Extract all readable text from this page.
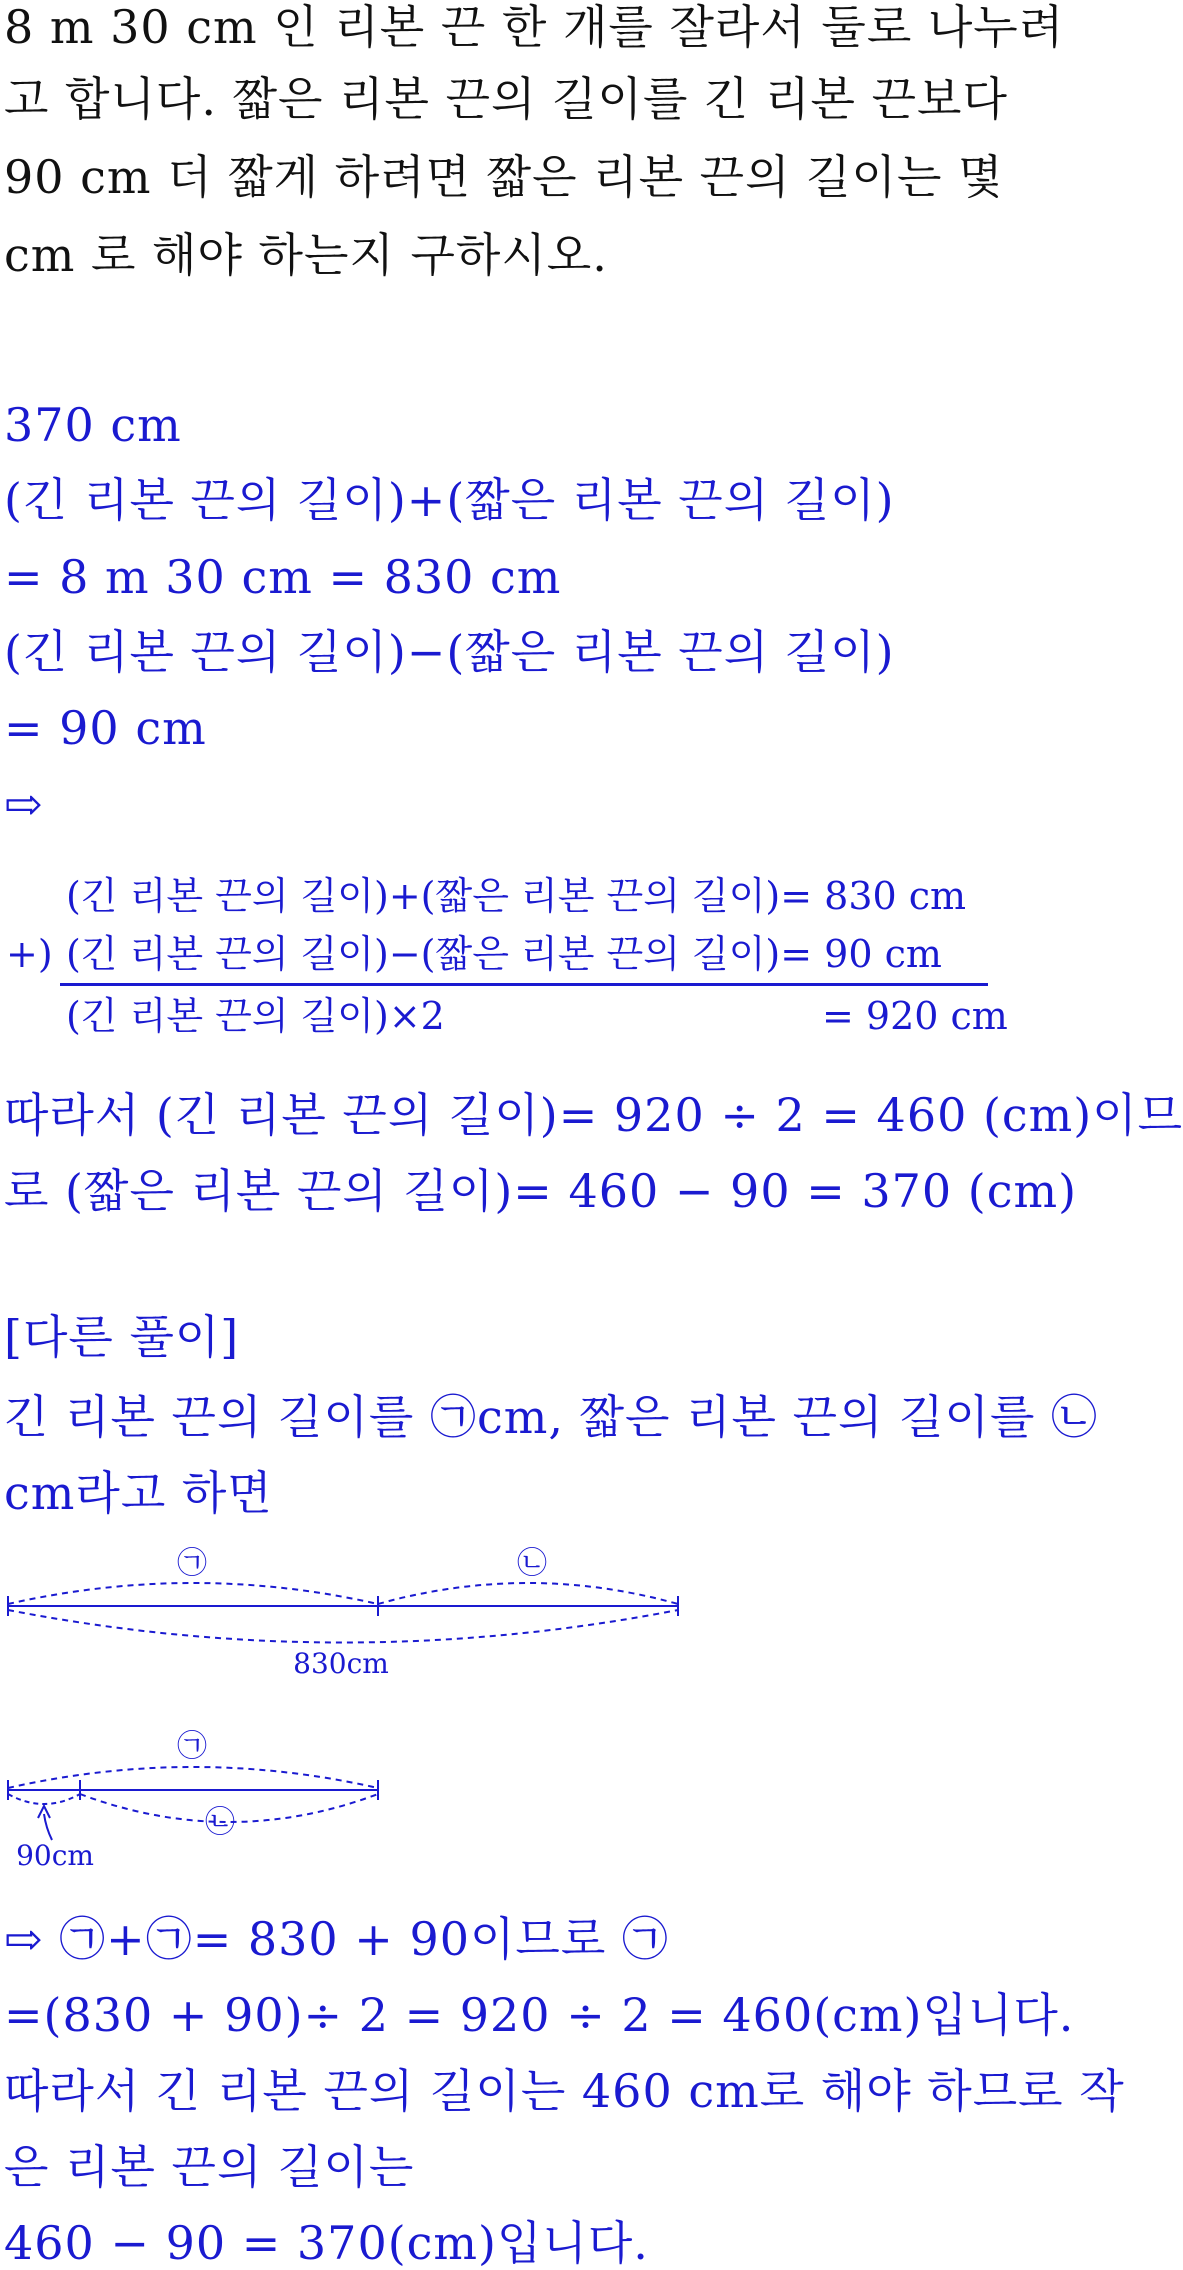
8 m 30 cm 인 리본 끈 한 개를 잘라서 둘로 나누려
고 합니다. 짧은 리본 끈의 길이를 긴 리본 끈보다
90 cm 더 짧게 하려면 짧은 리본 끈의 길이는 몇
cm 로 해야 하는지 구하시오.
370 cm
(긴 리본 끈의 길이)+(짧은 리본 끈의 길이)
= 8 m 30 cm = 830 cm
(긴 리본 끈의 길이)−(짧은 리본 끈의 길이)
= 90 cm
⇨
(긴 리본 끈의 길이)+(짧은 리본 끈의 길이)= 830 cm
+) (긴 리본 끈의 길이)−(짧은 리본 끈의 길이)= 90 cm
(긴 리본 끈의 길이)×2	= 920 cm
따라서 (긴 리본 끈의 길이)= 920 ÷ 2 = 460 (cm)이므
로 (짧은 리본 끈의 길이)= 460 − 90 = 370 (cm)
[다른 풀이]
긴 리본 끈의 길이를 ㉠cm, 짧은 리본 끈의 길이를 ㉡
cm라고 하면
㉠	㉡
830cm
㉠
㉡
90cm
⇨ ㉠+㉠= 830 + 90이므로 ㉠
=(830 + 90)÷ 2 = 920 ÷ 2 = 460(cm)입니다.
따라서 긴 리본 끈의 길이는 460 cm로 해야 하므로 작
은 리본 끈의 길이는
460 − 90 = 370(cm)입니다.
